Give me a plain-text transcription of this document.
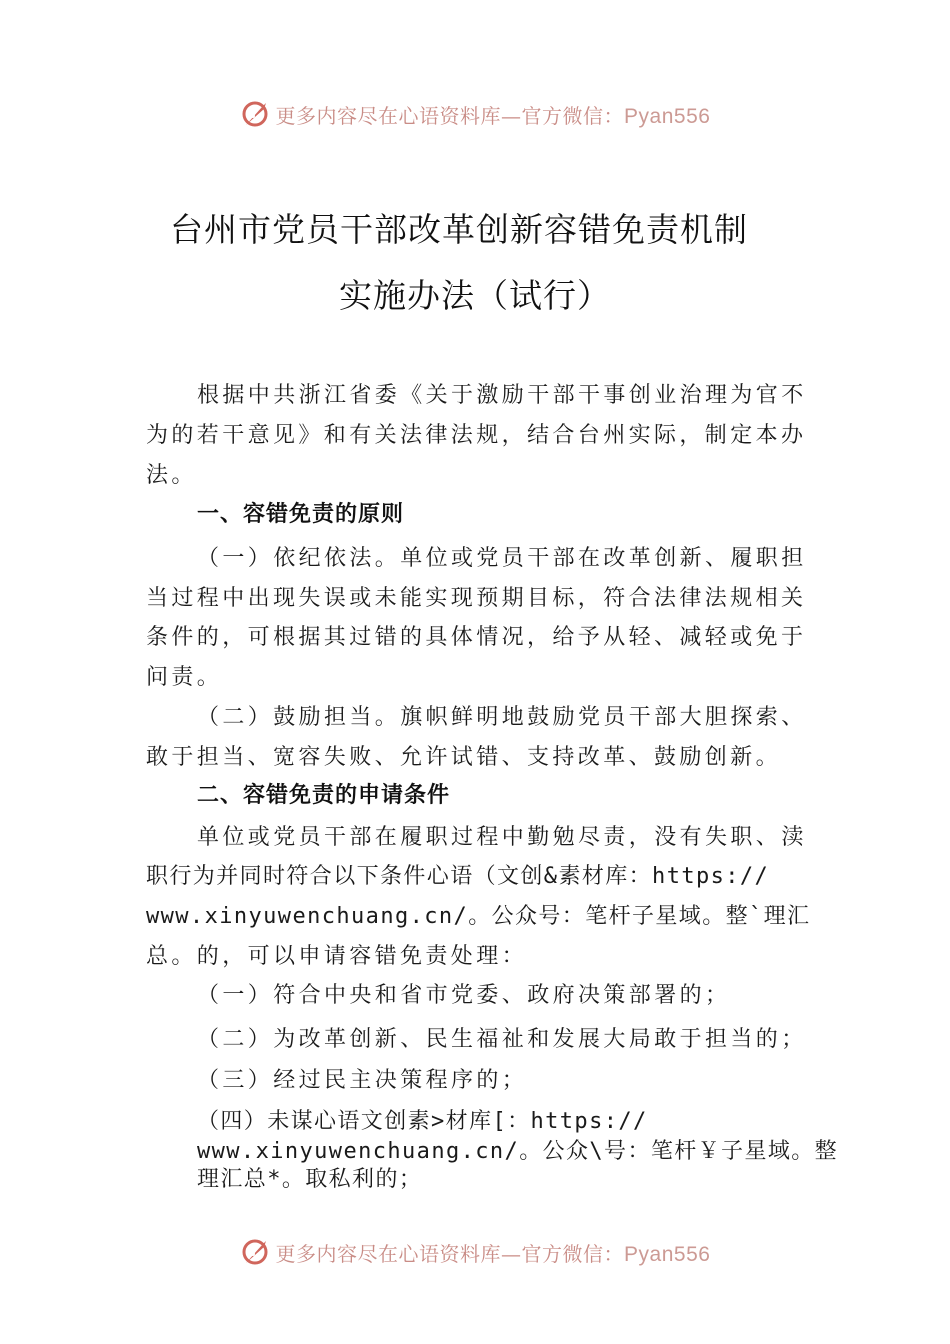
更多内容尽在心语资料库—官方微信：Pyan556
台州市党员干部改革创新容错免责机制
实施办法（试行）
根据中共浙江省委《关于激励干部干事创业治理为官不
为的若干意见》和有关法律法规，结合台州实际，制定本办
法。
一、容错免责的原则
（一）依纪依法。单位或党员干部在改革创新、履职担
当过程中出现失误或未能实现预期目标，符合法律法规相关
条件的，可根据其过错的具体情况，给予从轻、减轻或免于
问责。
（二）鼓励担当。旗帜鲜明地鼓励党员干部大胆探索、
敢于担当、宽容失败、允许试错、支持改革、鼓励创新。
二、容错免责的申请条件
单位或党员干部在履职过程中勤勉尽责，没有失职、渎
职行为并同时符合以下条件心语（文创&素材库：https://
www.xinyuwenchuang.cn/。公众号：笔杆子星域。整`理汇
总。的，可以申请容错免责处理：
（一）符合中央和省市党委、政府决策部署的；
（二）为改革创新、民生福祉和发展大局敢于担当的；
（三）经过民主决策程序的；
（四）未谋心语文创素>材库[：https://
www.xinyuwenchuang.cn/。公众\号：笔杆￥子星域。整
理汇总*。取私利的；
更多内容尽在心语资料库—官方微信：Pyan556
